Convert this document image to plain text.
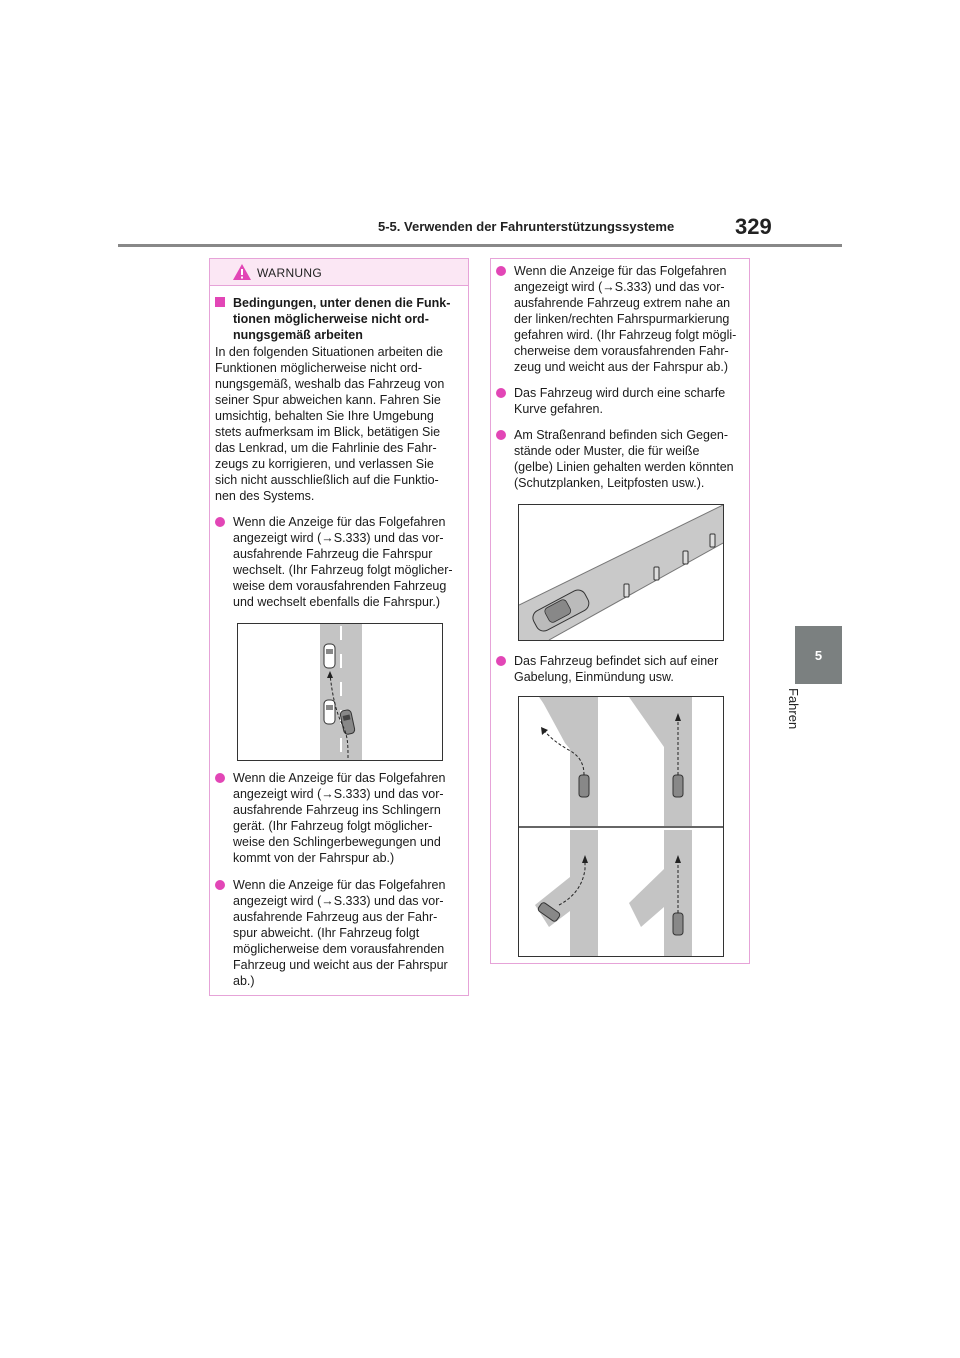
5-5. Verwenden der Fahrunterstützungssysteme	329
5
Fahren
WARNUNG
Bedingungen, unter denen die Funk-
tionen möglicherweise nicht ord-
nungsgemäß arbeiten
In den folgenden Situationen arbeiten die
Funktionen möglicherweise nicht ord-
nungsgemäß, weshalb das Fahrzeug von
seiner Spur abweichen kann. Fahren Sie
umsichtig, behalten Sie Ihre Umgebung
stets aufmerksam im Blick, betätigen Sie
das Lenkrad, um die Fahrlinie des Fahr-
zeugs zu korrigieren, und verlassen Sie
sich nicht ausschließlich auf die Funktio-
nen des Systems.
Wenn die Anzeige für das Folgefahren
angezeigt wird (→S.333) und das vor-
ausfahrende Fahrzeug die Fahrspur
wechselt. (Ihr Fahrzeug folgt möglicher-
weise dem vorausfahrenden Fahrzeug
und wechselt ebenfalls die Fahrspur.)
Wenn die Anzeige für das Folgefahren
angezeigt wird (→S.333) und das vor-
ausfahrende Fahrzeug ins Schlingern
gerät. (Ihr Fahrzeug folgt möglicher-
weise den Schlingerbewegungen und
kommt von der Fahrspur ab.)
Wenn die Anzeige für das Folgefahren
angezeigt wird (→S.333) und das vor-
ausfahrende Fahrzeug aus der Fahr-
spur abweicht. (Ihr Fahrzeug folgt
möglicherweise dem vorausfahrenden
Fahrzeug und weicht aus der Fahrspur
ab.)
Wenn die Anzeige für das Folgefahren
angezeigt wird (→S.333) und das vor-
ausfahrende Fahrzeug extrem nahe an
der linken/rechten Fahrspurmarkierung
gefahren wird. (Ihr Fahrzeug folgt mögli-
cherweise dem vorausfahrenden Fahr-
zeug und weicht aus der Fahrspur ab.)
Das Fahrzeug wird durch eine scharfe
Kurve gefahren.
Am Straßenrand befinden sich Gegen-
stände oder Muster, die für weiße
(gelbe) Linien gehalten werden könnten
(Schutzplanken, Leitpfosten usw.).
Das Fahrzeug befindet sich auf einer
Gabelung, Einmündung usw.
